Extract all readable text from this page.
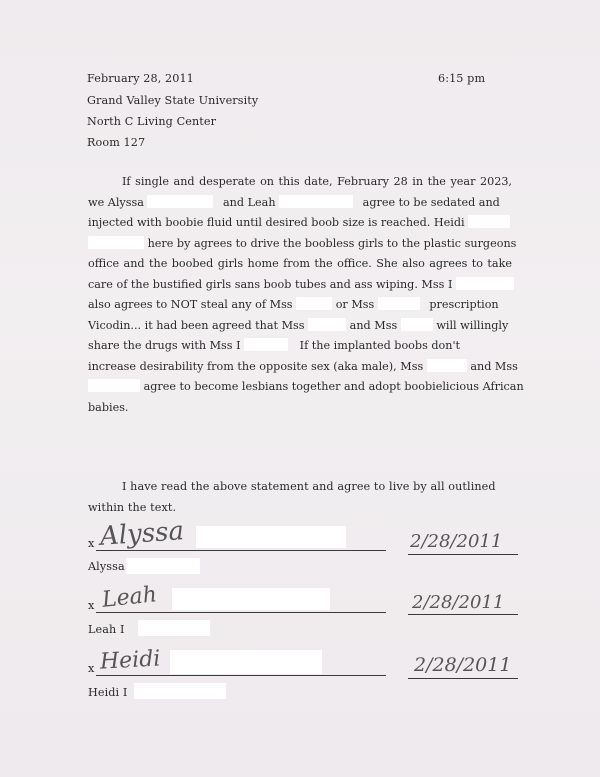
February 28, 2011	6:15 pm
Grand Valley State University
North C Living Center
Room 127
If single and desperate on this date, February 28 in the year 2023,
we Alyssa	and Leah	agree to be sedated and
injected with boobie fluid until desired boob size is reached. Heidi
here by agrees to drive the boobless girls to the plastic surgeons
office and the boobed girls home from the office. She also agrees to take
care of the bustified girls sans boob tubes and ass wiping. Mss I
also agrees to NOT steal any of Mss	or Mss	prescription
Vicodin... it had been agreed that Mss	and Mss	will willingly
share the drugs with Mss I	If the implanted boobs don't
increase desirability from the opposite sex (aka male), Mss	and Mss
agree to become lesbians together and adopt boobielicious African
babies.
I have read the above statement and agree to live by all outlined
within the text.
x Alyssa	2/28/2011
Alyssa
x Leah	2/28/2011
Leah I
x Heidi	2/28/2011
Heidi I
